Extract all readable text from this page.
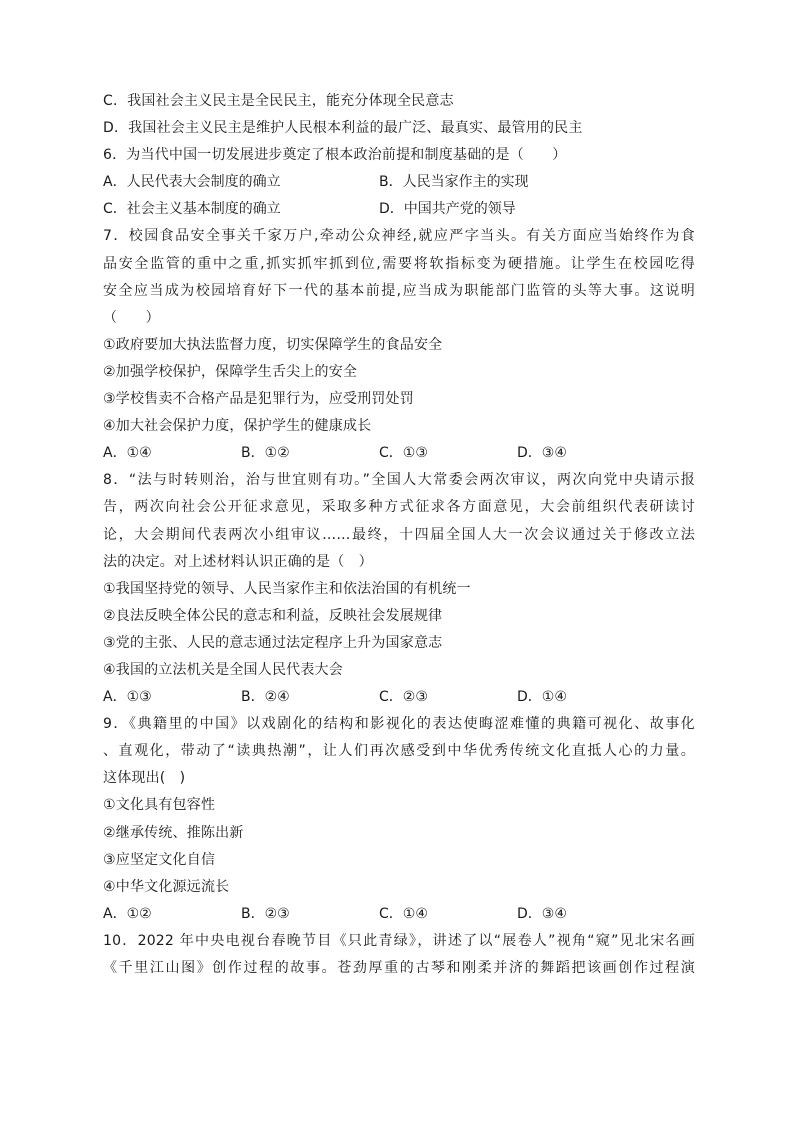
C．我国社会主义民主是全民民主，能充分体现全民意志
D．我国社会主义民主是维护人民根本利益的最广泛、最真实、最管用的民主
6．为当代中国一切发展进步奠定了根本政治前提和制度基础的是（　　）
A．人民代表大会制度的确立	B．人民当家作主的实现
C．社会主义基本制度的确立	D．中国共产党的领导
7．校园食品安全事关千家万户,牵动公众神经,就应严字当头。有关方面应当始终作为食
品安全监管的重中之重,抓实抓牢抓到位,需要将软指标变为硬措施。让学生在校园吃得
安全应当成为校园培育好下一代的基本前提,应当成为职能部门监管的头等大事。这说明
（　　）
①政府要加大执法监督力度，切实保障学生的食品安全
②加强学校保护，保障学生舌尖上的安全
③学校售卖不合格产品是犯罪行为，应受刑罚处罚
④加大社会保护力度，保护学生的健康成长
A．①④	B．①②	C．①③	D．③④
8．“法与时转则治，治与世宜则有功。”全国人大常委会两次审议，两次向党中央请示报
告，两次向社会公开征求意见，采取多种方式征求各方面意见，大会前组织代表研读讨
论，大会期间代表两次小组审议……最终，十四届全国人大一次会议通过关于修改立法
法的决定。对上述材料认识正确的是（　）
①我国坚持党的领导、人民当家作主和依法治国的有机统一
②良法反映全体公民的意志和利益，反映社会发展规律
③党的主张、人民的意志通过法定程序上升为国家意志
④我国的立法机关是全国人民代表大会
A．①③	B．②④	C．②③	D．①④
9．《典籍里的中国》以戏剧化的结构和影视化的表达使晦涩难懂的典籍可视化、故事化
、直观化，带动了“读典热潮”，让人们再次感受到中华优秀传统文化直抵人心的力量。
这体现出(　)
①文化具有包容性
②继承传统、推陈出新
③应坚定文化自信
④中华文化源远流长
A．①②	B．②③	C．①④	D．③④
10．2022 年中央电视台春晚节目《只此青绿》，讲述了以“展卷人”视角“窥”见北宋名画
《千里江山图》创作过程的故事。苍劲厚重的古琴和刚柔并济的舞蹈把该画创作过程演
